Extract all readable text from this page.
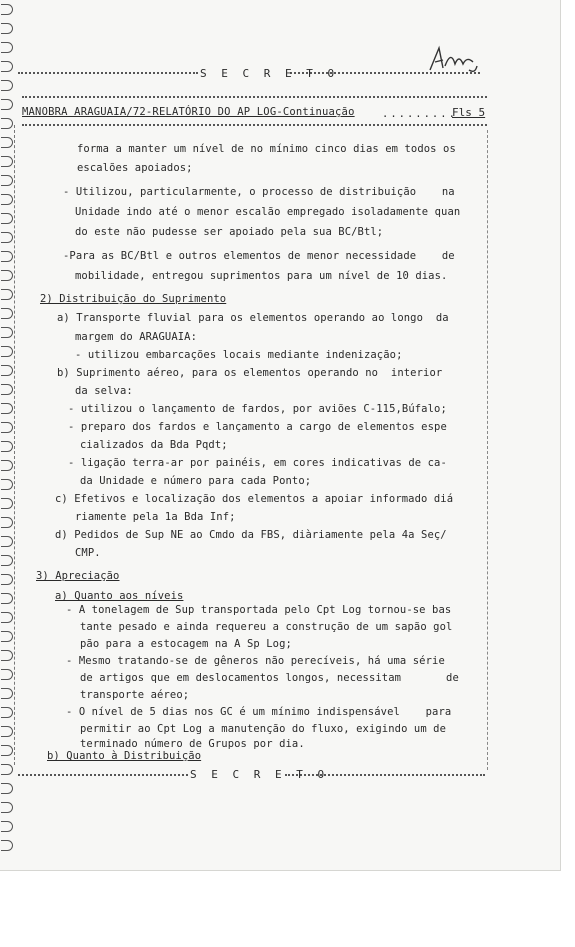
S E C R E T O
MANOBRA ARAGUAIA/72-RELATÓRIO DO AP LOG-Continuação	.........
Fls 5
forma a manter um nível de no mínimo cinco dias em todos os
escalões apoiados;
- Utilizou, particularmente, o processo de distribuição    na
Unidade indo até o menor escalão empregado isoladamente quan
do este não pudesse ser apoiado pela sua BC/Btl;
-Para as BC/Btl e outros elementos de menor necessidade    de
mobilidade, entregou suprimentos para um nível de 10 dias.
2) Distribuição do Suprimento
a) Transporte fluvial para os elementos operando ao longo  da
margem do ARAGUAIA:
- utilizou embarcações locais mediante indenização;
b) Suprimento aéreo, para os elementos operando no  interior
da selva:
- utilizou o lançamento de fardos, por aviões C-115,Búfalo;
- preparo dos fardos e lançamento a cargo de elementos espe
cializados da Bda Pqdt;
- ligação terra-ar por painéis, em cores indicativas de ca-
da Unidade e número para cada Ponto;
c) Efetivos e localização dos elementos a apoiar informado diá
riamente pela 1a Bda Inf;
d) Pedidos de Sup NE ao Cmdo da FBS, diàriamente pela 4a Seç/
CMP.
3) Apreciação
a) Quanto aos níveis
- A tonelagem de Sup transportada pelo Cpt Log tornou-se bas
tante pesado e ainda requereu a construção de um sapão gol
pão para a estocagem na A Sp Log;
- Mesmo tratando-se de gêneros não perecíveis, há uma série
de artigos que em deslocamentos longos, necessitam       de
transporte aéreo;
- O nível de 5 dias nos GC é um mínimo indispensável    para
permitir ao Cpt Log a manutenção do fluxo, exigindo um de
terminado número de Grupos por dia.
b) Quanto à Distribuição
S E C R E T O
